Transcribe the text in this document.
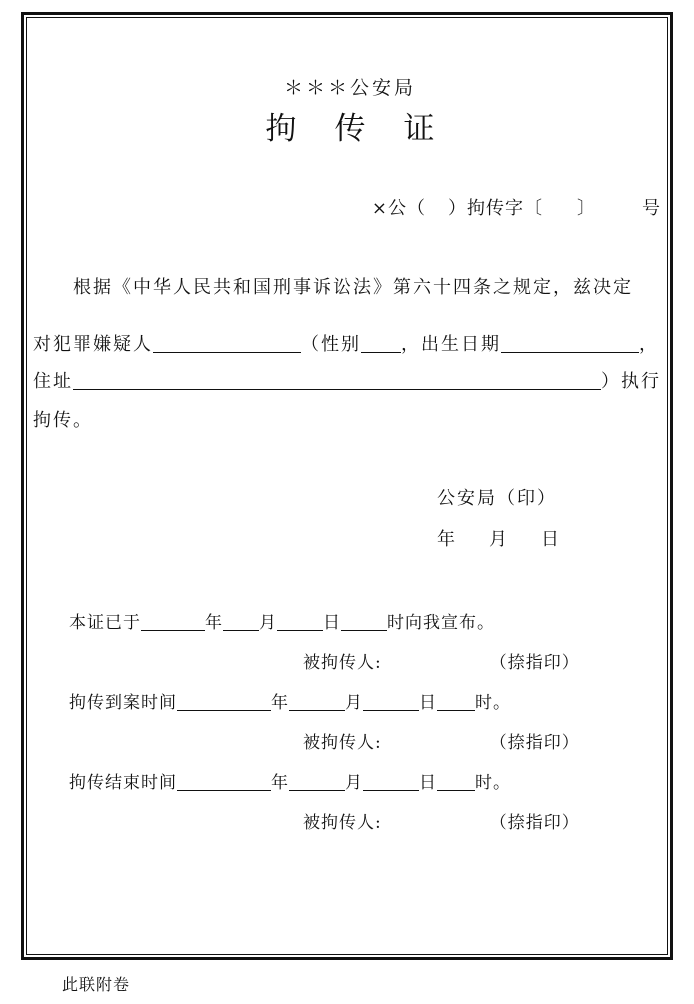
＊＊＊公安局
拘传证
×公（ ）拘传字〔 〕	号
根据《中华人民共和国刑事诉讼法》第六十四条之规定，兹决定
对犯罪嫌疑人	（性别 ，出生日期	，
住址	）执行
拘传。
公安局（印）
年 月 日
本证已于	年 月	日	时向我宣布。
被拘传人:	（捺指印）
拘传到案时间	年	月	日 时。
被拘传人:	（捺指印）
拘传结束时间	年	月	日 时。
被拘传人:	（捺指印）
此联附卷
